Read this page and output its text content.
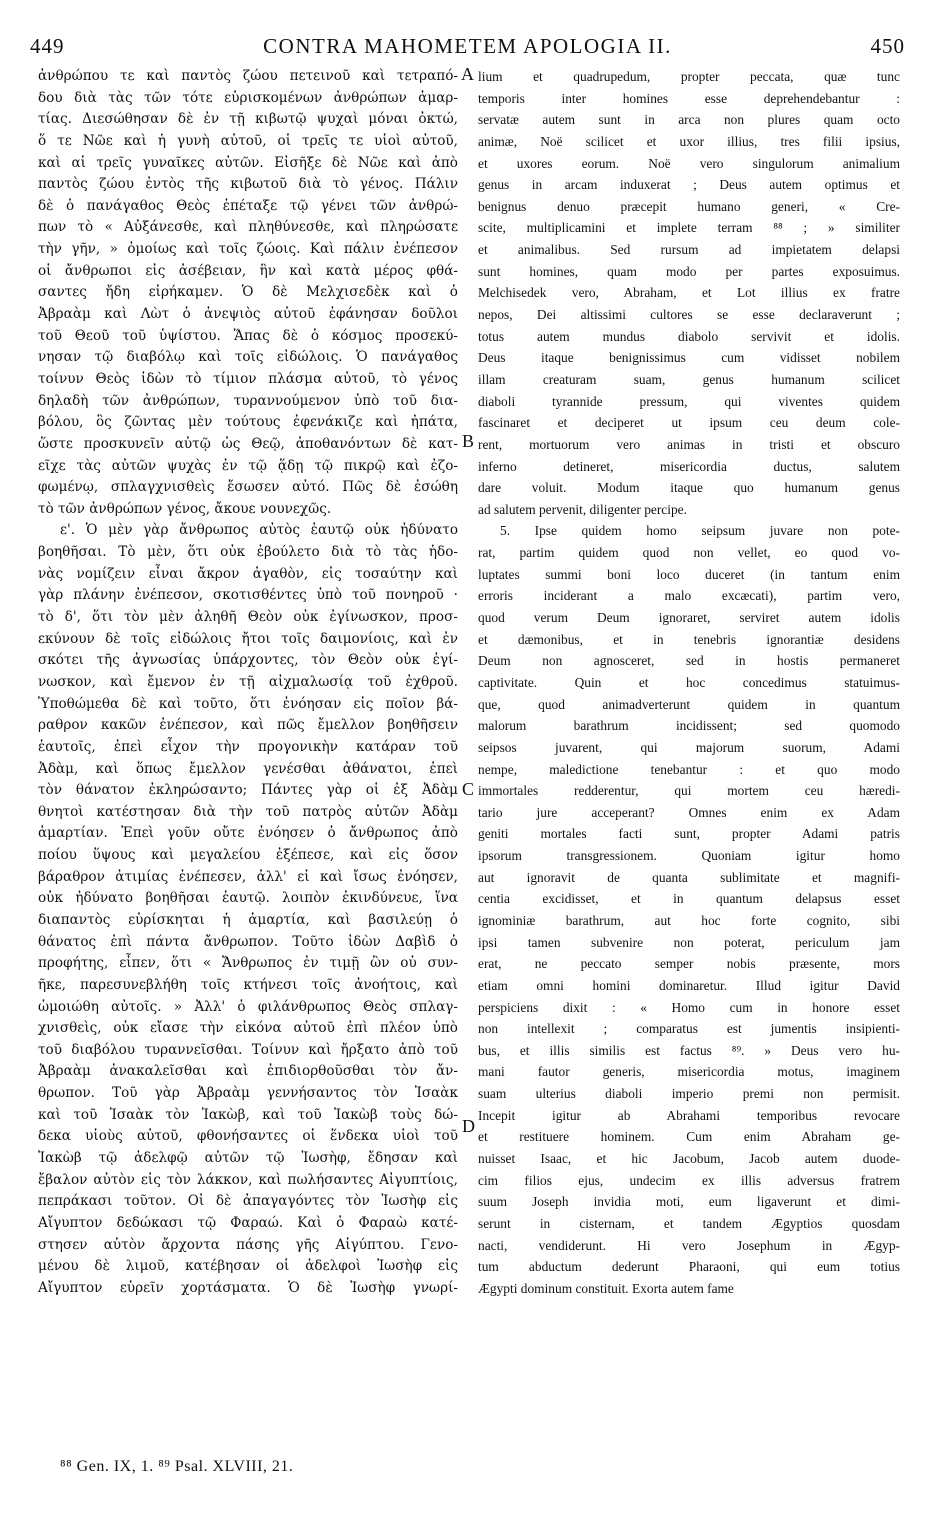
449	CONTRA MAHOMETEM APOLOGIA II.	450
ἀνθρώπου τε καὶ παντὸς ζώου πετεινοῦ καὶ τετραπό-
δου διὰ τὰς τῶν τότε εὑρισκομένων ἀνθρώπων ἁμαρ-
τίας. Διεσώθησαν δὲ ἐν τῇ κιβωτῷ ψυχαὶ μόναι ὀκτώ,
ὅ τε Νῶε καὶ ἡ γυνὴ αὐτοῦ, οἱ τρεῖς τε υἱοὶ αὐτοῦ,
καὶ αἱ τρεῖς γυναῖκες αὐτῶν. Εἰσῆξε δὲ Νῶε καὶ ἀπὸ
παντὸς ζώου ἐντὸς τῆς κιβωτοῦ διὰ τὸ γένος. Πάλιν
δὲ ὁ πανάγαθος Θεὸς ἐπέταξε τῷ γένει τῶν ἀνθρώ-
πων τὸ « Αὐξάνεσθε, καὶ πληθύνεσθε, καὶ πληρώσατε
τὴν γῆν, » ὁμοίως καὶ τοῖς ζώοις. Καὶ πάλιν ἐνέπεσον
οἱ ἄνθρωποι εἰς ἀσέβειαν, ἣν καὶ κατὰ μέρος φθά-
σαντες ἤδη εἰρήκαμεν. Ὁ δὲ Μελχισεδὲκ καὶ ὁ
Ἀβραὰμ καὶ Λὼτ ὁ ἀνεψιὸς αὐτοῦ ἐφάνησαν δοῦλοι
τοῦ Θεοῦ τοῦ ὑψίστου. Ἅπας δὲ ὁ κόσμος προσεκύ-
νησαν τῷ διαβόλῳ καὶ τοῖς εἰδώλοις. Ὁ πανάγαθος
τοίνυν Θεὸς ἰδὼν τὸ τίμιον πλάσμα αὐτοῦ, τὸ γένος
δηλαδὴ τῶν ἀνθρώπων, τυραννούμενον ὑπὸ τοῦ δια-
βόλου, ὃς ζῶντας μὲν τούτους ἐφενάκιζε καὶ ἠπάτα,
ὥστε προσκυνεῖν αὐτῷ ὡς Θεῷ, ἀποθανόντων δὲ κατ-
εῖχε τὰς αὐτῶν ψυχὰς ἐν τῷ ᾅδῃ τῷ πικρῷ καὶ ἐζο-
φωμένῳ, σπλαγχνισθεὶς ἔσωσεν αὐτό. Πῶς δὲ ἐσώθη
τὸ τῶν ἀνθρώπων γένος, ἄκουε νουνεχῶς.
ε'. Ὁ μὲν γὰρ ἄνθρωπος αὐτὸς ἑαυτῷ οὐκ ἠδύνατο
βοηθῆσαι. Τὸ μὲν, ὅτι οὐκ ἐβούλετο διὰ τὸ τὰς ἡδο-
νὰς νομίζειν εἶναι ἄκρον ἀγαθὸν, εἰς τοσαύτην καὶ
γὰρ πλάνην ἐνέπεσον, σκοτισθέντες ὑπὸ τοῦ πονηροῦ ·
τὸ δ', ὅτι τὸν μὲν ἀληθῆ Θεὸν οὐκ ἐγίνωσκον, προσ-
εκύνουν δὲ τοῖς εἰδώλοις ἤτοι τοῖς δαιμονίοις, καὶ ἐν
σκότει τῆς ἀγνωσίας ὑπάρχοντες, τὸν Θεὸν οὐκ ἐγί-
νωσκον, καὶ ἔμενον ἐν τῇ αἰχμαλωσίᾳ τοῦ ἐχθροῦ.
Ὑποθώμεθα δὲ καὶ τοῦτο, ὅτι ἐνόησαν εἰς ποῖον βά-
ραθρον κακῶν ἐνέπεσον, καὶ πῶς ἔμελλον βοηθῆσειν
ἑαυτοῖς, ἐπεὶ εἶχον τὴν προγονικὴν κατάραν τοῦ
Ἀδὰμ, καὶ ὅπως ἔμελλον γενέσθαι ἀθάνατοι, ἐπεὶ
τὸν θάνατον ἐκληρώσαντο; Πάντες γὰρ οἱ ἐξ Ἀδὰμ
θνητοὶ κατέστησαν διὰ τὴν τοῦ πατρὸς αὐτῶν Ἀδὰμ
ἁμαρτίαν. Ἐπεὶ γοῦν οὔτε ἐνόησεν ὁ ἄνθρωπος ἀπὸ
ποίου ὕψους καὶ μεγαλείου ἐξέπεσε, καὶ εἰς ὅσον
βάραθρον ἀτιμίας ἐνέπεσεν, ἀλλ' εἰ καὶ ἴσως ἐνόησεν,
οὐκ ἠδύνατο βοηθῆσαι ἑαυτῷ. λοιπὸν ἐκινδύνευε, ἵνα
διαπαντὸς εὑρίσκηται ἡ ἁμαρτία, καὶ βασιλεύῃ ὁ
θάνατος ἐπὶ πάντα ἄνθρωπον. Τοῦτο ἰδὼν Δαβὶδ ὁ
προφήτης, εἶπεν, ὅτι « Ἄνθρωπος ἐν τιμῇ ὢν οὐ συν-
ῆκε, παρεσυνεβλήθη τοῖς κτήνεσι τοῖς ἀνοήτοις, καὶ
ὡμοιώθη αὐτοῖς. » Ἀλλ' ὁ φιλάνθρωπος Θεὸς σπλαγ-
χνισθεὶς, οὐκ εἴασε τὴν εἰκόνα αὐτοῦ ἐπὶ πλέον ὑπὸ
τοῦ διαβόλου τυραννεῖσθαι. Τοίνυν καὶ ἤρξατο ἀπὸ τοῦ
Ἀβραὰμ ἀνακαλεῖσθαι καὶ ἐπιδιορθοῦσθαι τὸν ἄν-
θρωπον. Τοῦ γὰρ Ἀβραὰμ γεννήσαντος τὸν Ἰσαὰκ
καὶ τοῦ Ἰσαὰκ τὸν Ἰακὼβ, καὶ τοῦ Ἰακὼβ τοὺς δώ-
δεκα υἱοὺς αὐτοῦ, φθονήσαντες οἱ ἕνδεκα υἱοὶ τοῦ
Ἰακὼβ τῷ ἀδελφῷ αὐτῶν τῷ Ἰωσὴφ, ἔδησαν καὶ
ἔβαλον αὐτὸν εἰς τὸν λάκκον, καὶ πωλήσαντες Αἰγυπτίοις,
πεπράκασι τοῦτον. Οἱ δὲ ἀπαγαγόντες τὸν Ἰωσὴφ εἰς
Αἴγυπτον δεδώκασι τῷ Φαραώ. Καὶ ὁ Φαραὼ κατέ-
στησεν αὐτὸν ἄρχοντα πάσης γῆς Αἰγύπτου. Γενο-
μένου δὲ λιμοῦ, κατέβησαν οἱ ἀδελφοὶ Ἰωσὴφ εἰς
Αἴγυπτον εὑρεῖν χορτάσματα. Ὁ δὲ Ἰωσὴφ γνωρί-
lium et quadrupedum, propter peccata, quæ tunc
temporis inter homines esse deprehendebantur :
servatæ autem sunt in arca non plures quam octo
animæ, Noë scilicet et uxor illius, tres filii ipsius,
et uxores eorum. Noë vero singulorum animalium
genus in arcam induxerat ; Deus autem optimus et
benignus denuo præcepit humano generi, « Cre-
scite, multiplicamini et implete terram ⁸⁸ ; » similiter
et animalibus. Sed rursum ad impietatem delapsi
sunt homines, quam modo per partes exposuimus.
Melchisedek vero, Abraham, et Lot illius ex fratre
nepos, Dei altissimi cultores se esse declaraverunt ;
totus autem mundus diabolo servivit et idolis.
Deus itaque benignissimus cum vidisset nobilem
illam creaturam suam, genus humanum scilicet
diaboli tyrannide pressum, qui viventes quidem
fascinaret et deciperet ut ipsum ceu deum cole-
rent, mortuorum vero animas in tristi et obscuro
inferno detineret, misericordia ductus, salutem
dare voluit. Modum itaque quo humanum genus
ad salutem pervenit, diligenter percipe.
5. Ipse quidem homo seipsum juvare non pote-
rat, partim quidem quod non vellet, eo quod vo-
luptates summi boni loco duceret (in tantum enim
erroris inciderant a malo excæcati), partim vero,
quod verum Deum ignoraret, serviret autem idolis
et dæmonibus, et in tenebris ignorantiæ desidens
Deum non agnosceret, sed in hostis permaneret
captivitate. Quin et hoc concedimus statuimus-
que, quod animadverterunt quidem in quantum
malorum barathrum incidissent; sed quomodo
seipsos juvarent, qui majorum suorum, Adami
nempe, maledictione tenebantur : et quo modo
immortales redderentur, qui mortem ceu hæredi-
tario jure acceperant? Omnes enim ex Adam
geniti mortales facti sunt, propter Adami patris
ipsorum transgressionem. Quoniam igitur homo
aut ignoravit de quanta sublimitate et magnifi-
centia excidisset, et in quantum delapsus esset
ignominiæ barathrum, aut hoc forte cognito, sibi
ipsi tamen subvenire non poterat, periculum jam
erat, ne peccato semper nobis præsente, mors
etiam omni homini dominaretur. Illud igitur David
perspiciens dixit : « Homo cum in honore esset
non intellexit ; comparatus est jumentis insipienti-
bus, et illis similis est factus ⁸⁹. » Deus vero hu-
mani fautor generis, misericordia motus, imaginem
suam ulterius diaboli imperio premi non permisit.
Incepit igitur ab Abrahami temporibus revocare
et restituere hominem. Cum enim Abraham ge-
nuisset Isaac, et hic Jacobum, Jacob autem duode-
cim filios ejus, undecim ex illis adversus fratrem
suum Joseph invidia moti, eum ligaverunt et dimi-
serunt in cisternam, et tandem Ægyptios quosdam
nacti, vendiderunt. Hi vero Josephum in Ægyp-
tum abductum dederunt Pharaoni, qui eum totius
Ægypti dominum constituit. Exorta autem fame
A
B
C
D
⁸⁸ Gen. IX, 1. ⁸⁹ Psal. XLVIII, 21.
